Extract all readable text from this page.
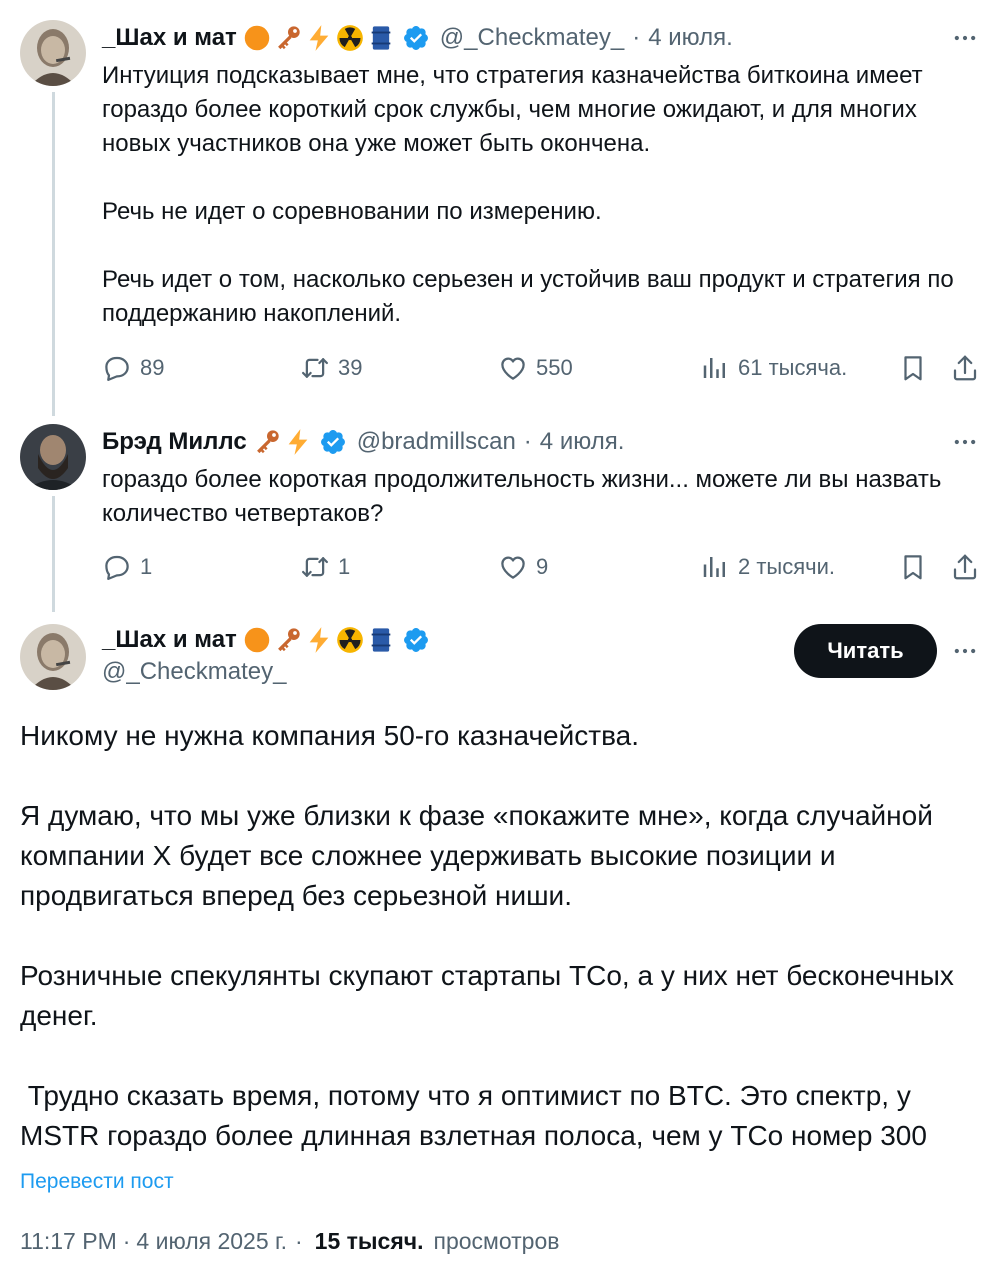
_Шах и мат	@_Checkmatey_ · 4 июля.

Интуиция подсказывает мне, что стратегия казначейства биткоина имеет гораздо более короткий срок службы, чем многие ожидают, и для многих новых участников она уже может быть окончена.

Речь не идет о соревновании по измерению.

Речь идет о том, насколько серьезен и устойчив ваш продукт и стратегия по поддержанию накоплений.

89	39	550	61 тысяча.
Брэд Миллс	@bradmillscan · 4 июля.

гораздо более короткая продолжительность жизни... можете ли вы назвать количество четвертаков?

1	1	9	2 тысячи.
_Шах и мат
@_Checkmatey_
Читать

Никому не нужна компания 50-го казначейства.

Я думаю, что мы уже близки к фазе «покажите мне», когда случайной компании X будет все сложнее удерживать высокие позиции и продвигаться вперед без серьезной ниши.

Розничные спекулянты скупают стартапы TCo, а у них нет бесконечных денег.

Трудно сказать время, потому что я оптимист по BTC. Это спектр, у MSTR гораздо более длинная взлетная полоса, чем у TCo номер 300

Перевести пост
11:17 PM · 4 июля 2025 г. · 15 тысяч. просмотров
